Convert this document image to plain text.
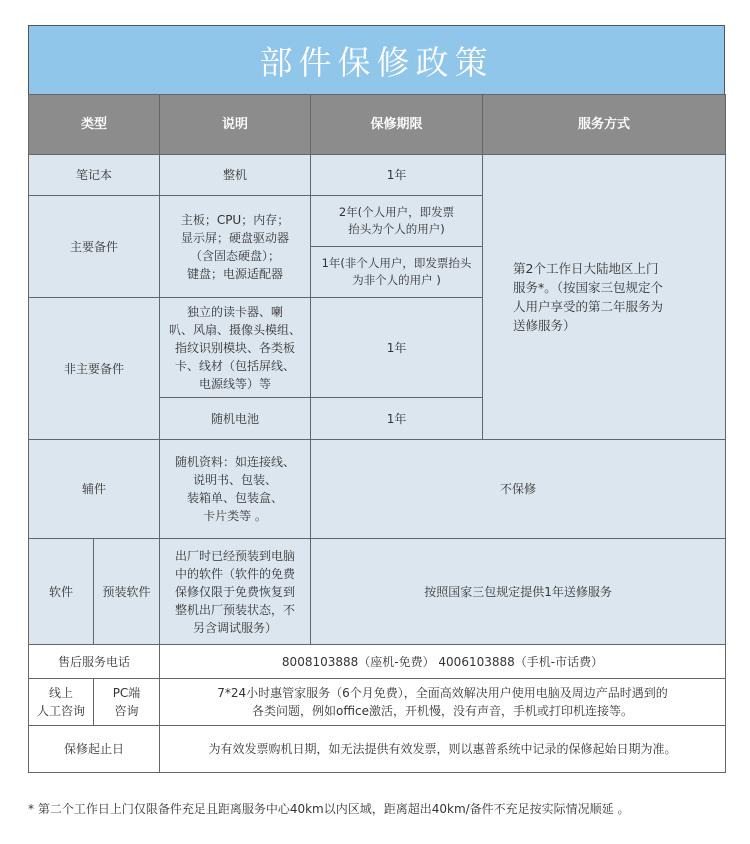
部件保修政策
类型		说明	保修期限	服务方式
笔记本		整机	1年	第2个工作日大陆地区上门
服务*。（按国家三包规定个
人用户享受的第二年服务为
送修服务）
主要备件		主板；CPU；内存；
显示屏；硬盘驱动器
（含固态硬盘）；
键盘；电源适配器	2年(个人用户，即发票
抬头为个人的用户)	
			1年(非个人用户，即发票抬头
为非个人的用户 )	
非主要备件		独立的读卡器、喇
叭、风扇、摄像头模组、
指纹识别模块、各类板
卡、线材（包括屏线、
电源线等）等	1年	
		随机电池	1年	
辅件		随机资料：如连接线、
说明书、包装、
装箱单、包装盒、
卡片类等 。	不保修	
软件	预装软件	出厂时已经预装到电脑
中的软件（软件的免费
保修仅限于免费恢复到
整机出厂预装状态，不
另含调试服务）	按照国家三包规定提供1年送修服务	
售后服务电话		8008103888（座机-免费） 4006103888（手机-市话费）		
线上
人工咨询	PC端
咨询	7*24小时惠管家服务（6个月免费），全面高效解决用户使用电脑及周边产品时遇到的
各类问题，例如office激活，开机慢，没有声音，手机或打印机连接等。		
保修起止日		为有效发票购机日期，如无法提供有效发票，则以惠普系统中记录的保修起始日期为准。		
* 第二个工作日上门仅限备件充足且距离服务中心40km以内区域，距离超出40km/备件不充足按实际情况顺延 。
